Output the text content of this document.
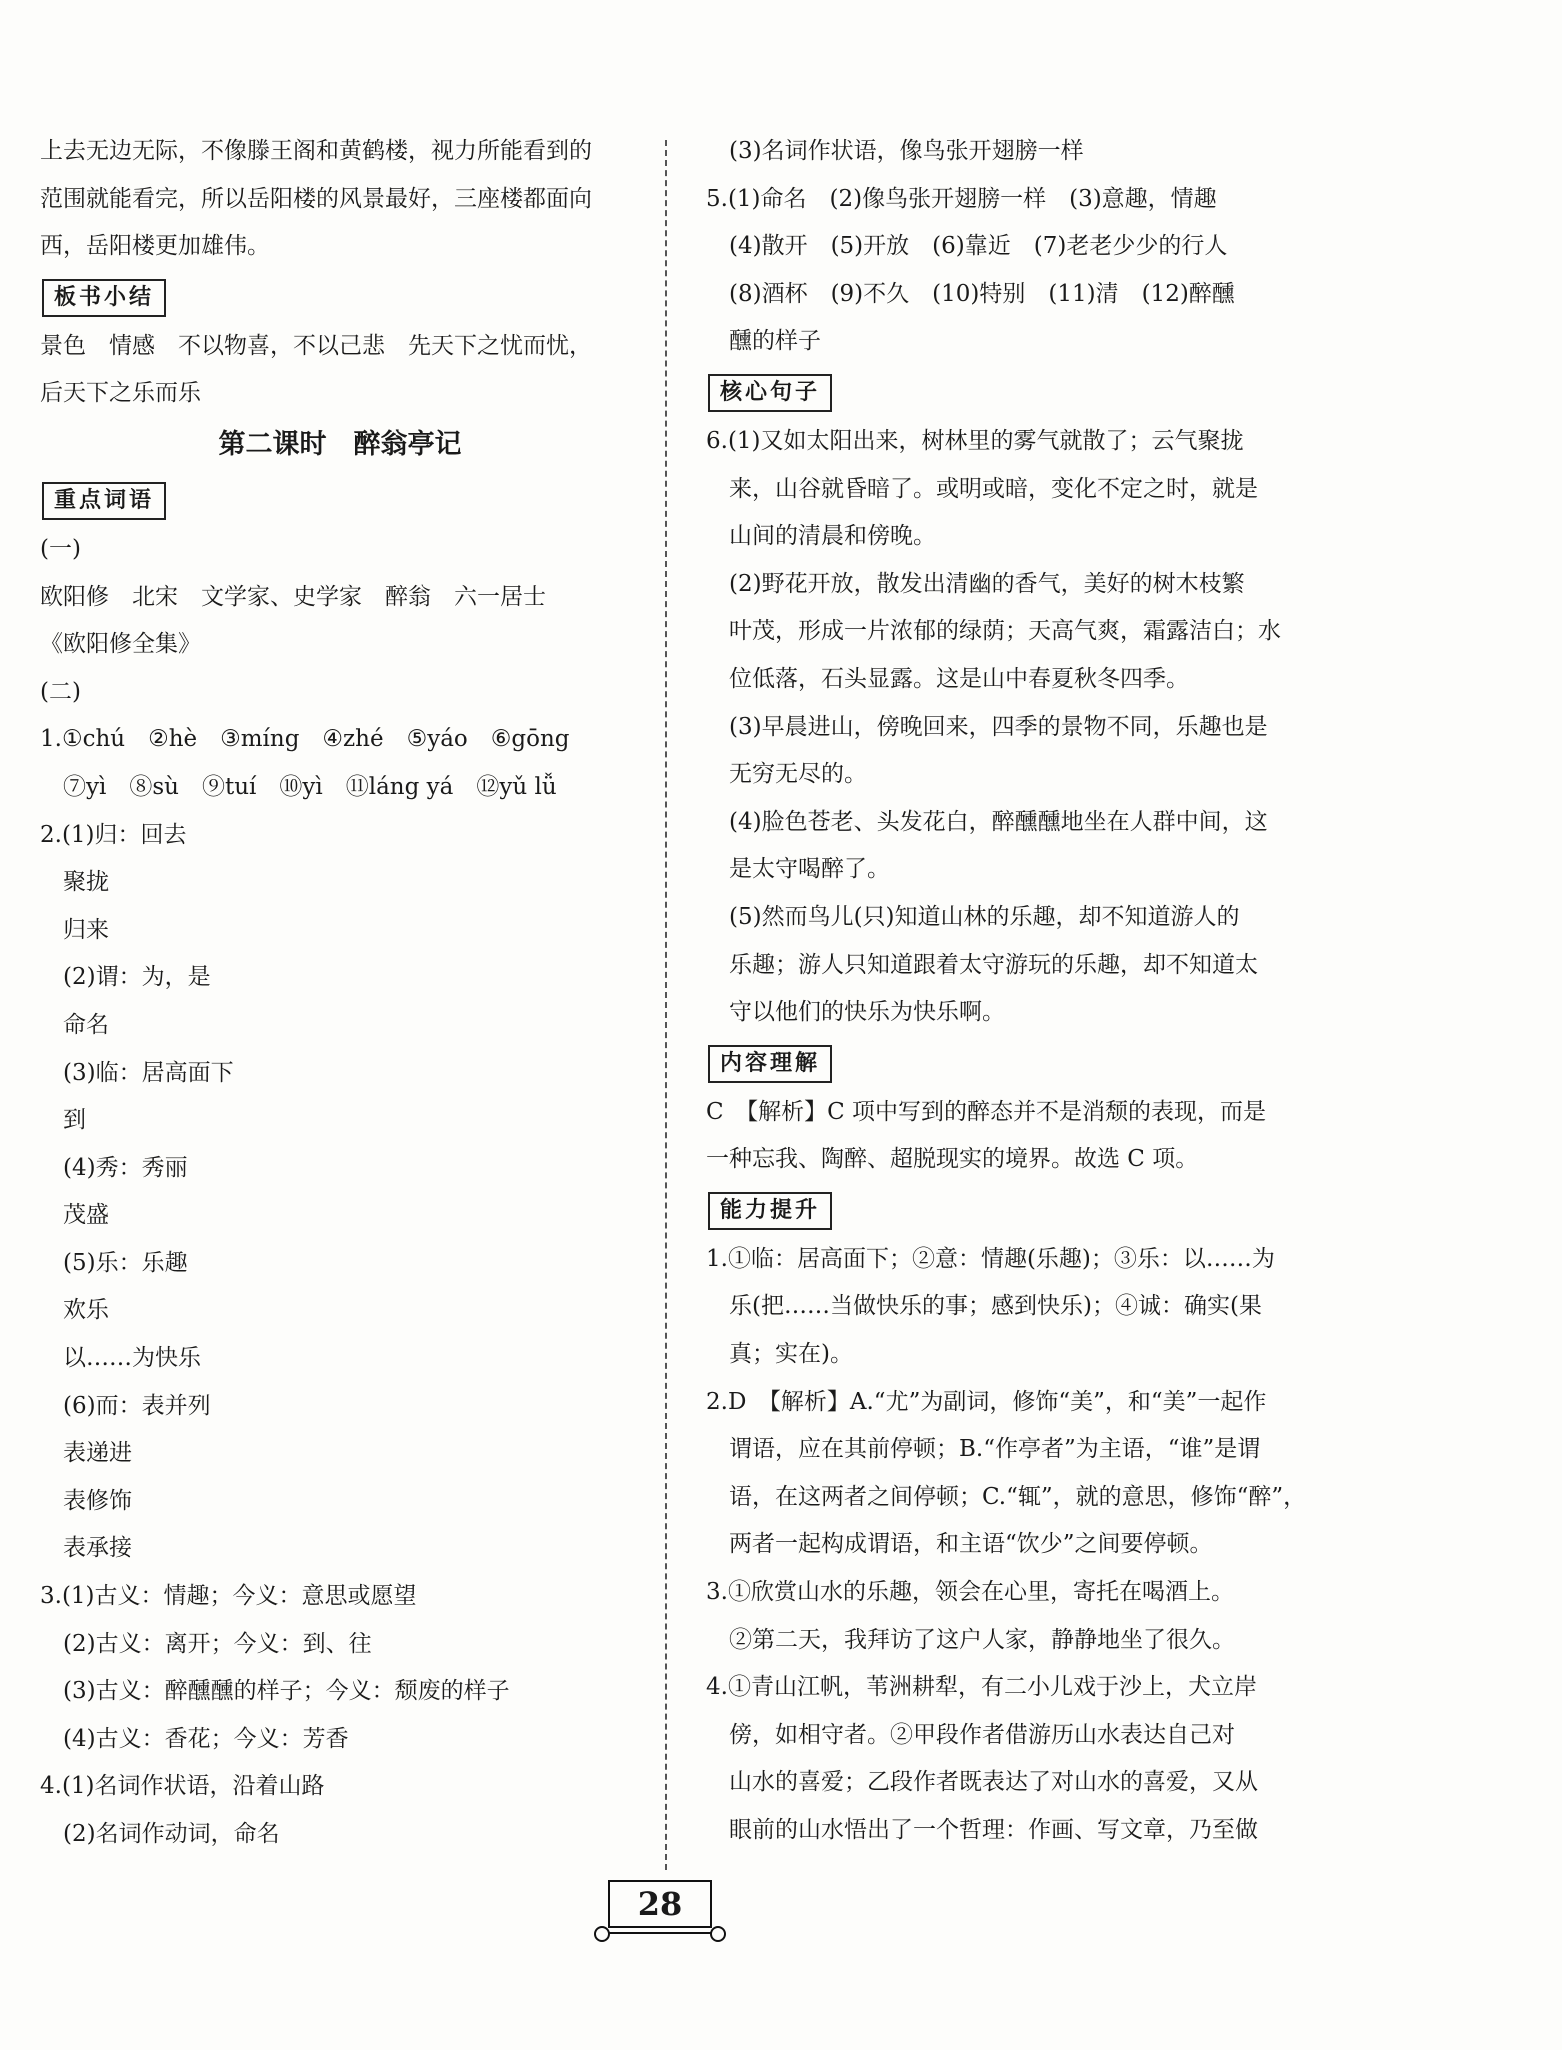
上去无边无际，不像滕王阁和黄鹤楼，视力所能看到的
范围就能看完，所以岳阳楼的风景最好，三座楼都面向
西，岳阳楼更加雄伟。
板书小结
景色　情感　不以物喜，不以己悲　先天下之忧而忧，
后天下之乐而乐
第二课时　醉翁亭记
重点词语
(一)
欧阳修　北宋　文学家、史学家　醉翁　六一居士
《欧阳修全集》
(二)
1.①chú　②hè　③míng　④zhé　⑤yáo　⑥gōng
　⑦yì　⑧sù　⑨tuí　⑩yì　⑪láng yá　⑫yǔ lǚ
2.(1)归：回去
　聚拢
　归来
　(2)谓：为，是
　命名
　(3)临：居高面下
　到
　(4)秀：秀丽
　茂盛
　(5)乐：乐趣
　欢乐
　以……为快乐
　(6)而：表并列
　表递进
　表修饰
　表承接
3.(1)古义：情趣；今义：意思或愿望
　(2)古义：离开；今义：到、往
　(3)古义：醉醺醺的样子；今义：颓废的样子
　(4)古义：香花；今义：芳香
4.(1)名词作状语，沿着山路
　(2)名词作动词，命名
　(3)名词作状语，像鸟张开翅膀一样
5.(1)命名　(2)像鸟张开翅膀一样　(3)意趣，情趣
　(4)散开　(5)开放　(6)靠近　(7)老老少少的行人
　(8)酒杯　(9)不久　(10)特别　(11)清　(12)醉醺
　醺的样子
核心句子
6.(1)又如太阳出来，树林里的雾气就散了；云气聚拢
　来，山谷就昏暗了。或明或暗，变化不定之时，就是
　山间的清晨和傍晚。
　(2)野花开放，散发出清幽的香气，美好的树木枝繁
　叶茂，形成一片浓郁的绿荫；天高气爽，霜露洁白；水
　位低落，石头显露。这是山中春夏秋冬四季。
　(3)早晨进山，傍晚回来，四季的景物不同，乐趣也是
　无穷无尽的。
　(4)脸色苍老、头发花白，醉醺醺地坐在人群中间，这
　是太守喝醉了。
　(5)然而鸟儿(只)知道山林的乐趣，却不知道游人的
　乐趣；游人只知道跟着太守游玩的乐趣，却不知道太
　守以他们的快乐为快乐啊。
内容理解
C　【解析】C 项中写到的醉态并不是消颓的表现，而是
一种忘我、陶醉、超脱现实的境界。故选 C 项。
能力提升
1.①临：居高面下；②意：情趣(乐趣)；③乐：以……为
　乐(把……当做快乐的事；感到快乐)；④诚：确实(果
　真；实在)。
2.D　【解析】A.“尤”为副词，修饰“美”，和“美”一起作
　谓语，应在其前停顿；B.“作亭者”为主语，“谁”是谓
　语，在这两者之间停顿；C.“辄”，就的意思，修饰“醉”，
　两者一起构成谓语，和主语“饮少”之间要停顿。
3.①欣赏山水的乐趣，领会在心里，寄托在喝酒上。
　②第二天，我拜访了这户人家，静静地坐了很久。
4.①青山江帆，苇洲耕犁，有二小儿戏于沙上，犬立岸
　傍，如相守者。②甲段作者借游历山水表达自己对
　山水的喜爱；乙段作者既表达了对山水的喜爱，又从
　眼前的山水悟出了一个哲理：作画、写文章，乃至做
28
